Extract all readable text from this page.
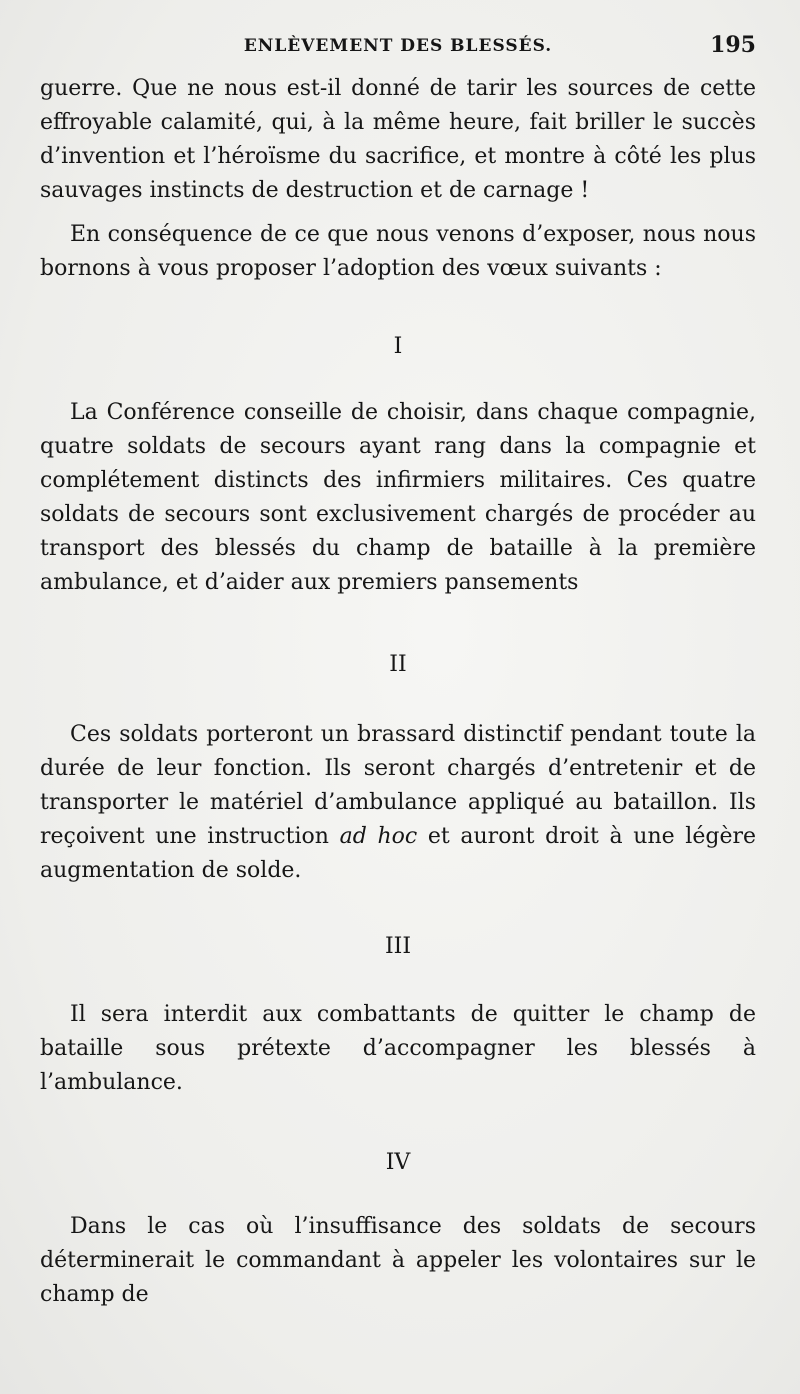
ENLÈVEMENT DES BLESSÉS.	195

guerre. Que ne nous est-il donné de tarir les sources de cette effroyable calamité, qui, à la même heure, fait briller le succès d’invention et l’héroïsme du sacrifice, et montre à côté les plus sauvages instincts de destruction et de carnage !

En conséquence de ce que nous venons d’exposer, nous nous bornons à vous proposer l’adoption des vœux suivants :

I

La Conférence conseille de choisir, dans chaque compagnie, quatre soldats de secours ayant rang dans la compagnie et complétement distincts des infirmiers militaires. Ces quatre soldats de secours sont exclusivement chargés de procéder au transport des blessés du champ de bataille à la première ambulance, et d’aider aux premiers pansements

II

Ces soldats porteront un brassard distinctif pendant toute la durée de leur fonction. Ils seront chargés d’entretenir et de transporter le matériel d’ambulance appliqué au bataillon. Ils reçoivent une instruction ad hoc et auront droit à une légère augmentation de solde.

III

Il sera interdit aux combattants de quitter le champ de bataille sous prétexte d’accompagner les blessés à l’ambulance.

IV

Dans le cas où l’insuffisance des soldats de secours déterminerait le commandant à appeler les volontaires sur le champ de
